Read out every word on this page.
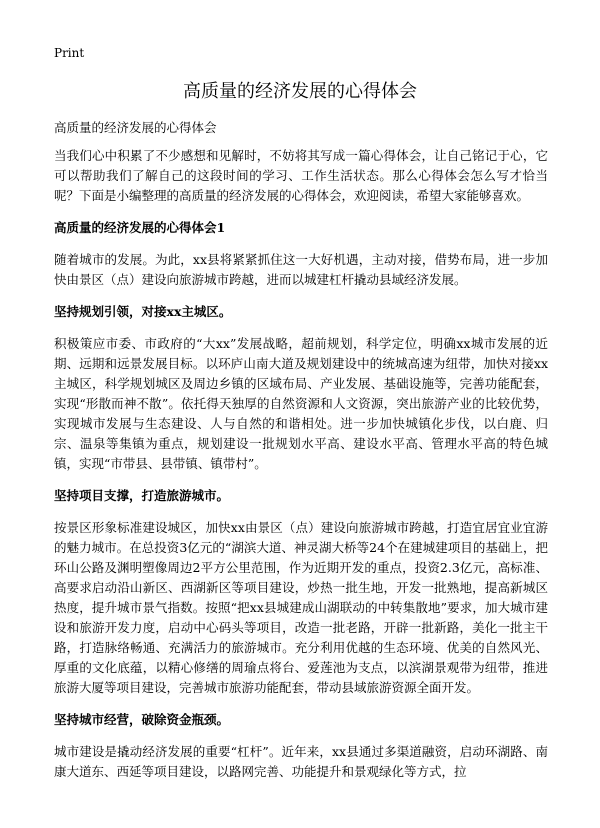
Print
高质量的经济发展的心得体会

高质量的经济发展的心得体会

当我们心中积累了不少感想和见解时，不妨将其写成一篇心得体会，让自己铭记于心，它可以帮助我们了解自己的这段时间的学习、工作生活状态。那么心得体会怎么写才恰当呢？下面是小编整理的高质量的经济发展的心得体会，欢迎阅读，希望大家能够喜欢。

高质量的经济发展的心得体会1

随着城市的发展。为此，xx县将紧紧抓住这一大好机遇，主动对接，借势布局，进一步加快由景区（点）建设向旅游城市跨越，进而以城建杠杆撬动县域经济发展。

坚持规划引领，对接xx主城区。

积极策应市委、市政府的“大xx”发展战略，超前规划，科学定位，明确xx城市发展的近期、远期和远景发展目标。以环庐山南大道及规划建设中的统城高速为纽带，加快对接xx主城区，科学规划城区及周边乡镇的区域布局、产业发展、基础设施等，完善功能配套，实现“形散而神不散”。依托得天独厚的自然资源和人文资源，突出旅游产业的比较优势，实现城市发展与生态建设、人与自然的和谐相处。进一步加快城镇化步伐，以白鹿、归宗、温泉等集镇为重点，规划建设一批规划水平高、建设水平高、管理水平高的特色城镇，实现“市带县、县带镇、镇带村”。

坚持项目支撑，打造旅游城市。

按景区形象标准建设城区，加快xx由景区（点）建设向旅游城市跨越，打造宜居宜业宜游的魅力城市。在总投资3亿元的“湖滨大道、神灵湖大桥等24个在建城建项目的基础上，把环山公路及渊明塑像周边2平方公里范围，作为近期开发的重点，投资2.3亿元，高标准、高要求启动沿山新区、西湖新区等项目建设，炒热一批生地，开发一批熟地，提高新城区热度，提升城市景气指数。按照“把xx县城建成山湖联动的中转集散地”要求，加大城市建设和旅游开发力度，启动中心码头等项目，改造一批老路，开辟一批新路，美化一批主干路，打造脉络畅通、充满活力的旅游城市。充分利用优越的生态环境、优美的自然风光、厚重的文化底蕴，以精心修缮的周瑜点将台、爱莲池为支点，以滨湖景观带为纽带，推进旅游大厦等项目建设，完善城市旅游功能配套，带动县域旅游资源全面开发。

坚持城市经营，破除资金瓶颈。

城市建设是撬动经济发展的重要“杠杆”。近年来，xx县通过多渠道融资，启动环湖路、南康大道东、西延等项目建设，以路网完善、功能提升和景观绿化等方式，拉
